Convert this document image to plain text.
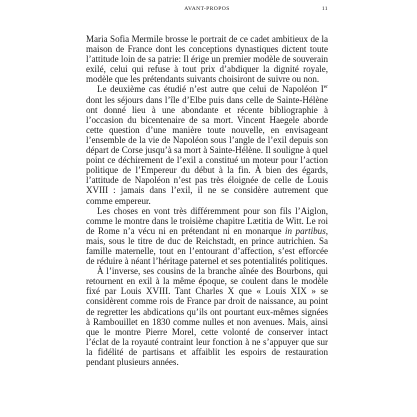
AVANT-PROPOS	11

Maria Sofia Mermile brosse le portrait de ce cadet ambitieux de la maison de France dont les conceptions dynastiques dictent toute l’attitude loin de sa patrie: Il érige un premier modèle de souverain exilé, celui qui refuse à tout prix d’abdiquer la dignité royale, modèle que les prétendants suivants choisiront de suivre ou non.

Le deuxième cas étudié n’est autre que celui de Napoléon Ier dont les séjours dans l’île d’Elbe puis dans celle de Sainte-Hélène ont donné lieu à une abondante et récente bibliographie à l’occasion du bicentenaire de sa mort. Vincent Haegele aborde cette question d’une manière toute nouvelle, en envisageant l’ensemble de la vie de Napoléon sous l’angle de l’exil depuis son départ de Corse jusqu’à sa mort à Sainte-Hélène. Il souligne à quel point ce déchirement de l’exil a constitué un moteur pour l’action politique de l’Empereur du début à la fin. À bien des égards, l’attitude de Napoléon n’est pas très éloignée de celle de Louis XVIII : jamais dans l’exil, il ne se considère autrement que comme empereur.

Les choses en vont très différemment pour son fils l’Aiglon, comme le montre dans le troisième chapitre Lætitia de Witt. Le roi de Rome n’a vécu ni en prétendant ni en monarque in partibus, mais, sous le titre de duc de Reichstadt, en prince autrichien. Sa famille maternelle, tout en l’entourant d’affection, s’est efforcée de réduire à néant l’héritage paternel et ses potentialités politiques.

À l’inverse, ses cousins de la branche aînée des Bourbons, qui retournent en exil à la même époque, se coulent dans le modèle fixé par Louis XVIII. Tant Charles X que « Louis XIX » se considèrent comme rois de France par droit de naissance, au point de regretter les abdications qu’ils ont pourtant eux-mêmes signées à Rambouillet en 1830 comme nulles et non avenues. Mais, ainsi que le montre Pierre Morel, cette volonté de conserver intact l’éclat de la royauté contraint leur fonction à ne s’appuyer que sur la fidélité de partisans et affaiblit les espoirs de restauration pendant plusieurs années.
